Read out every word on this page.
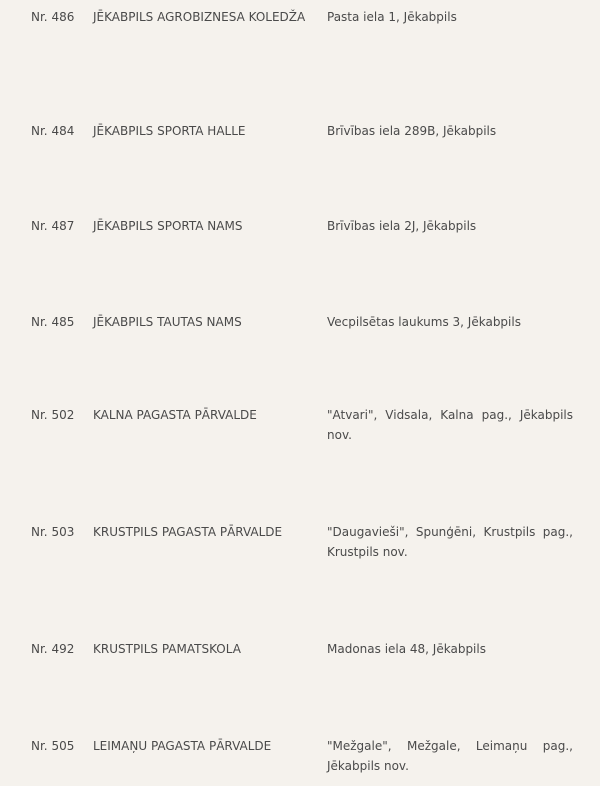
Nr. 486 JĒKABPILS AGROBIZNESA KOLEDŽA	Pasta iela 1, Jēkabpils
Nr. 484 JĒKABPILS SPORTA HALLE	Brīvības iela 289B, Jēkabpils
Nr. 487 JĒKABPILS SPORTA NAMS	Brīvības iela 2J, Jēkabpils
Nr. 485 JĒKABPILS TAUTAS NAMS	Vecpilsētas laukums 3, Jēkabpils
Nr. 502 KALNA PAGASTA PĀRVALDE	"Atvari", Vidsala, Kalna pag., Jēkabpils nov.
Nr. 503 KRUSTPILS PAGASTA PĀRVALDE	"Daugavieši", Spunģēni, Krustpils pag., Krustpils nov.
Nr. 492 KRUSTPILS PAMATSKOLA	Madonas iela 48, Jēkabpils
Nr. 505 LEIMAŅU PAGASTA PĀRVALDE	"Mežgale", Mežgale, Leimaņu pag., Jēkabpils nov.
